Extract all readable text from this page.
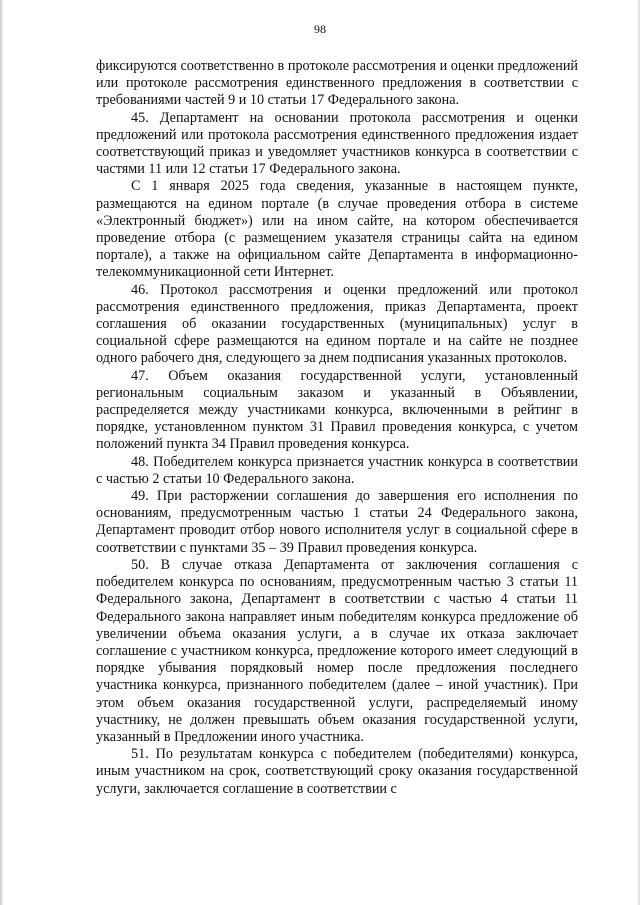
98

фиксируются соответственно в протоколе рассмотрения и оценки предложений или протоколе рассмотрения единственного предложения в соответствии с требованиями частей 9 и 10 статьи 17 Федерального закона.

45. Департамент на основании протокола рассмотрения и оценки предложений или протокола рассмотрения единственного предложения издает соответствующий приказ и уведомляет участников конкурса в соответствии с частями 11 или 12 статьи 17 Федерального закона.

С 1 января 2025 года сведения, указанные в настоящем пункте, размещаются на едином портале (в случае проведения отбора в системе «Электронный бюджет») или на ином сайте, на котором обеспечивается проведение отбора (с размещением указателя страницы сайта на едином портале), а также на официальном сайте Департамента в информационно-телекоммуникационной сети Интернет.

46. Протокол рассмотрения и оценки предложений или протокол рассмотрения единственного предложения, приказ Департамента, проект соглашения об оказании государственных (муниципальных) услуг в социальной сфере размещаются на едином портале и на сайте не позднее одного рабочего дня, следующего за днем подписания указанных протоколов.

47. Объем оказания государственной услуги, установленный региональным социальным заказом и указанный в Объявлении, распределяется между участниками конкурса, включенными в рейтинг в порядке, установленном пунктом 31 Правил проведения конкурса, с учетом положений пункта 34 Правил проведения конкурса.

48. Победителем конкурса признается участник конкурса в соответствии с частью 2 статьи 10 Федерального закона.

49. При расторжении соглашения до завершения его исполнения по основаниям, предусмотренным частью 1 статьи 24 Федерального закона, Департамент проводит отбор нового исполнителя услуг в социальной сфере в соответствии с пунктами 35 – 39 Правил проведения конкурса.

50. В случае отказа Департамента от заключения соглашения с победителем конкурса по основаниям, предусмотренным частью 3 статьи 11 Федерального закона, Департамент в соответствии с частью 4 статьи 11 Федерального закона направляет иным победителям конкурса предложение об увеличении объема оказания услуги, а в случае их отказа заключает соглашение с участником конкурса, предложение которого имеет следующий в порядке убывания порядковый номер после предложения последнего участника конкурса, признанного победителем (далее – иной участник). При этом объем оказания государственной услуги, распределяемый иному участнику, не должен превышать объем оказания государственной услуги, указанный в Предложении иного участника.

51. По результатам конкурса с победителем (победителями) конкурса, иным участником на срок, соответствующий сроку оказания государственной услуги, заключается соглашение в соответствии с
